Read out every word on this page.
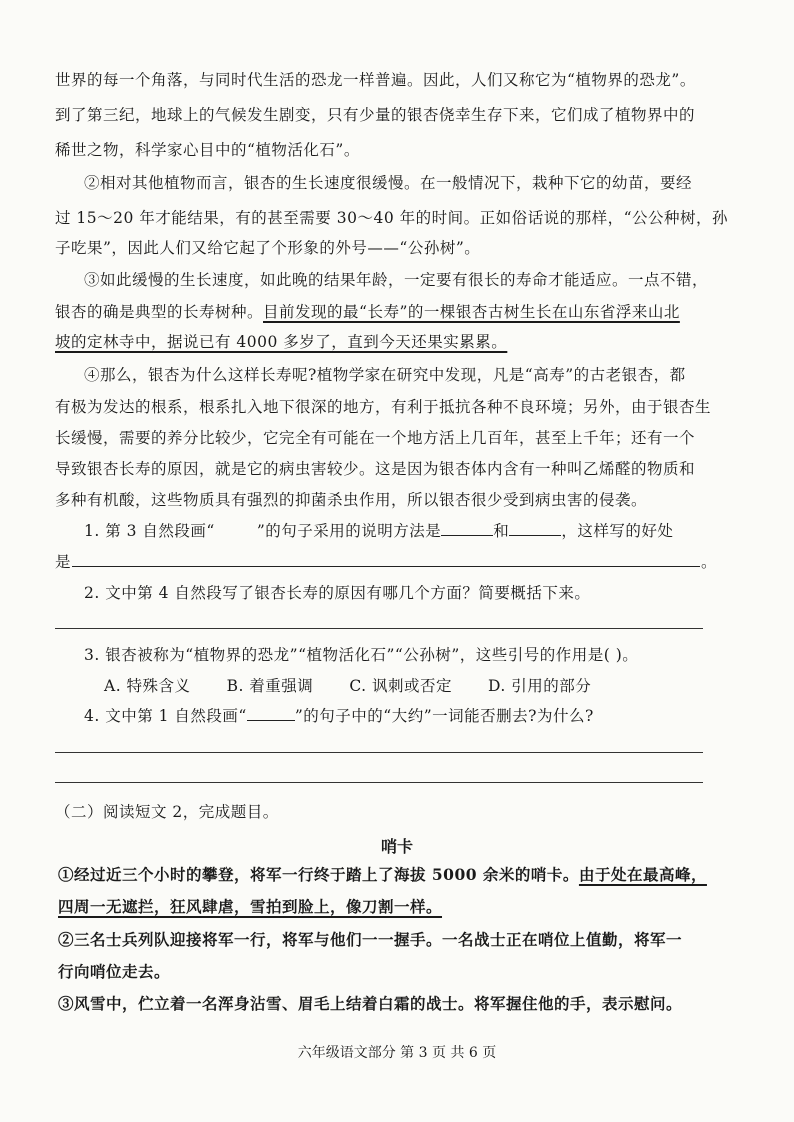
世界的每一个角落，与同时代生活的恐龙一样普遍。因此，人们又称它为“植物界的恐龙”。
到了第三纪，地球上的气候发生剧变，只有少量的银杏侥幸生存下来，它们成了植物界中的
稀世之物，科学家心目中的“植物活化石”。
②相对其他植物而言，银杏的生长速度很缓慢。在一般情况下，栽种下它的幼苗，要经
过 15～20 年才能结果，有的甚至需要 30～40 年的时间。正如俗话说的那样，“公公种树，孙
子吃果”，因此人们又给它起了个形象的外号——“公孙树”。
③如此缓慢的生长速度，如此晚的结果年龄，一定要有很长的寿命才能适应。一点不错，
银杏的确是典型的长寿树种。目前发现的最“长寿”的一棵银杏古树生长在山东省浮来山北
坡的定林寺中，据说已有 4000 多岁了，直到今天还果实累累。
④那么，银杏为什么这样长寿呢?植物学家在研究中发现，凡是“高寿”的古老银杏，都
有极为发达的根系，根系扎入地下很深的地方，有利于抵抗各种不良环境；另外，由于银杏生
长缓慢，需要的养分比较少，它完全有可能在一个地方活上几百年，甚至上千年；还有一个
导致银杏长寿的原因，就是它的病虫害较少。这是因为银杏体内含有一种叫乙烯醛的物质和
多种有机酸，这些物质具有强烈的抑菌杀虫作用，所以银杏很少受到病虫害的侵袭。
1. 第 3 自然段画“	”的句子采用的说明方法是	和	，这样写的好处
是	。
2. 文中第 4 自然段写了银杏长寿的原因有哪几个方面？简要概括下来。
3. 银杏被称为“植物界的恐龙”“植物活化石”“公孙树”，这些引号的作用是( )。
A. 特殊含义 B. 着重强调 C. 讽刺或否定 D. 引用的部分
4. 文中第 1 自然段画“	”的句子中的“大约”一词能否删去?为什么?
（二）阅读短文 2，完成题目。
哨卡
①经过近三个小时的攀登，将军一行终于踏上了海拔 5000 余米的哨卡。由于处在最高峰，
四周一无遮拦，狂风肆虐，雪拍到脸上，像刀割一样。
②三名士兵列队迎接将军一行，将军与他们一一握手。一名战士正在哨位上值勤，将军一
行向哨位走去。
③风雪中，伫立着一名浑身沾雪、眉毛上结着白霜的战士。将军握住他的手，表示慰问。
六年级语文部分 第 3 页 共 6 页
